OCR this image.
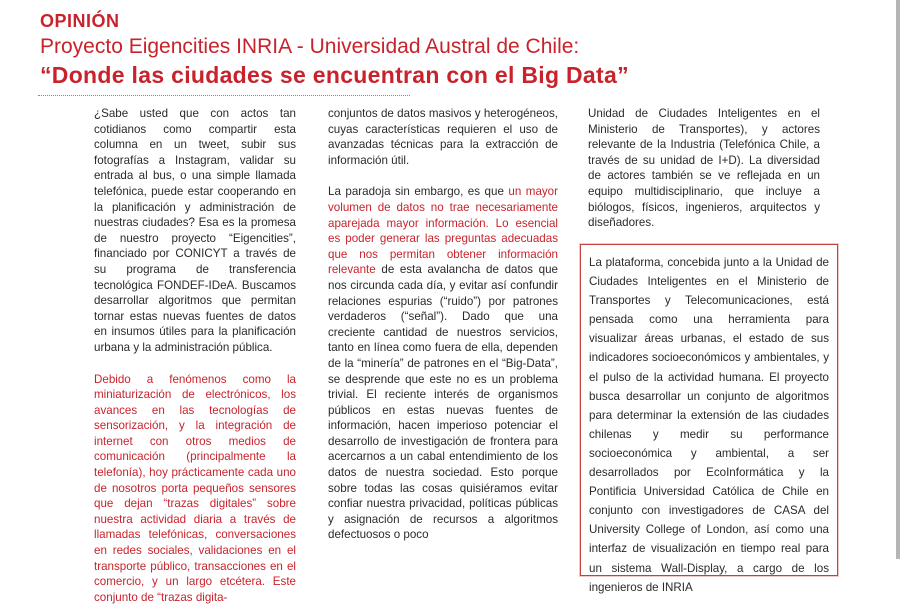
OPINIÓN
Proyecto Eigencities INRIA - Universidad Austral de Chile:
“Donde las ciudades se encuentran con el Big Data”

¿Sabe usted que con actos tan cotidianos como compartir esta columna en un tweet, subir sus fotografías a Instagram, validar su entrada al bus, o una simple llamada telefónica, puede estar cooperando en la planificación y administración de nuestras ciudades? Esa es la promesa de nuestro proyecto “Eigencities”, financiado por CONICYT a través de su programa de transferencia tecnológica FONDEF-IDeA. Buscamos desarrollar algoritmos que permitan tornar estas nuevas fuentes de datos en insumos útiles para la planificación urbana y la administración pública.

Debido a fenómenos como la miniaturización de electrónicos, los avances en las tecnologías de sensorización, y la integración de internet con otros medios de comunicación (principalmente la telefonía), hoy prácticamente cada uno de nosotros porta pequeños sensores que dejan “trazas digitales” sobre nuestra actividad diaria a través de llamadas telefónicas, conversaciones en redes sociales, validaciones en el transporte público, transacciones en el comercio, y un largo etcétera. Este conjunto de “trazas digita-

conjuntos de datos masivos y heterogéneos, cuyas características requieren el uso de avanzadas técnicas para la extracción de información útil.

La paradoja sin embargo, es que un mayor volumen de datos no trae necesariamente aparejada mayor información. Lo esencial es poder generar las preguntas adecuadas que nos permitan obtener información relevante de esta avalancha de datos que nos circunda cada día, y evitar así confundir relaciones espurias (“ruido”) por patrones verdaderos (“señal”). Dado que una creciente cantidad de nuestros servicios, tanto en línea como fuera de ella, dependen de la “minería” de patrones en el “Big-Data”, se desprende que este no es un problema trivial. El reciente interés de organismos públicos en estas nuevas fuentes de información, hacen imperioso potenciar el desarrollo de investigación de frontera para acercarnos a un cabal entendimiento de los datos de nuestra sociedad. Esto porque sobre todas las cosas quisiéramos evitar confiar nuestra privacidad, políticas públicas y asignación de recursos a algoritmos defectuosos o poco

Unidad de Ciudades Inteligentes en el Ministerio de Transportes), y actores relevante de la Industria (Telefónica Chile, a través de su unidad de I+D). La diversidad de actores también se ve reflejada en un equipo multidisciplinario, que incluye a biólogos, físicos, ingenieros, arquitectos y diseñadores.

La plataforma, concebida junto a la Unidad de Ciudades Inteligentes en el Ministerio de Transportes y Telecomunicaciones, está pensada como una herramienta para visualizar áreas urbanas, el estado de sus indicadores socioeconómicos y ambientales, y el pulso de la actividad humana. El proyecto busca desarrollar un conjunto de algoritmos para determinar la extensión de las ciudades chilenas y medir su performance socioeconómica y ambiental, a ser desarrollados por EcoInformática y la Pontificia Universidad Católica de Chile en conjunto con investigadores de CASA del University College of London, así como una interfaz de visualización en tiempo real para un sistema Wall-Display, a cargo de los ingenieros de INRIA
